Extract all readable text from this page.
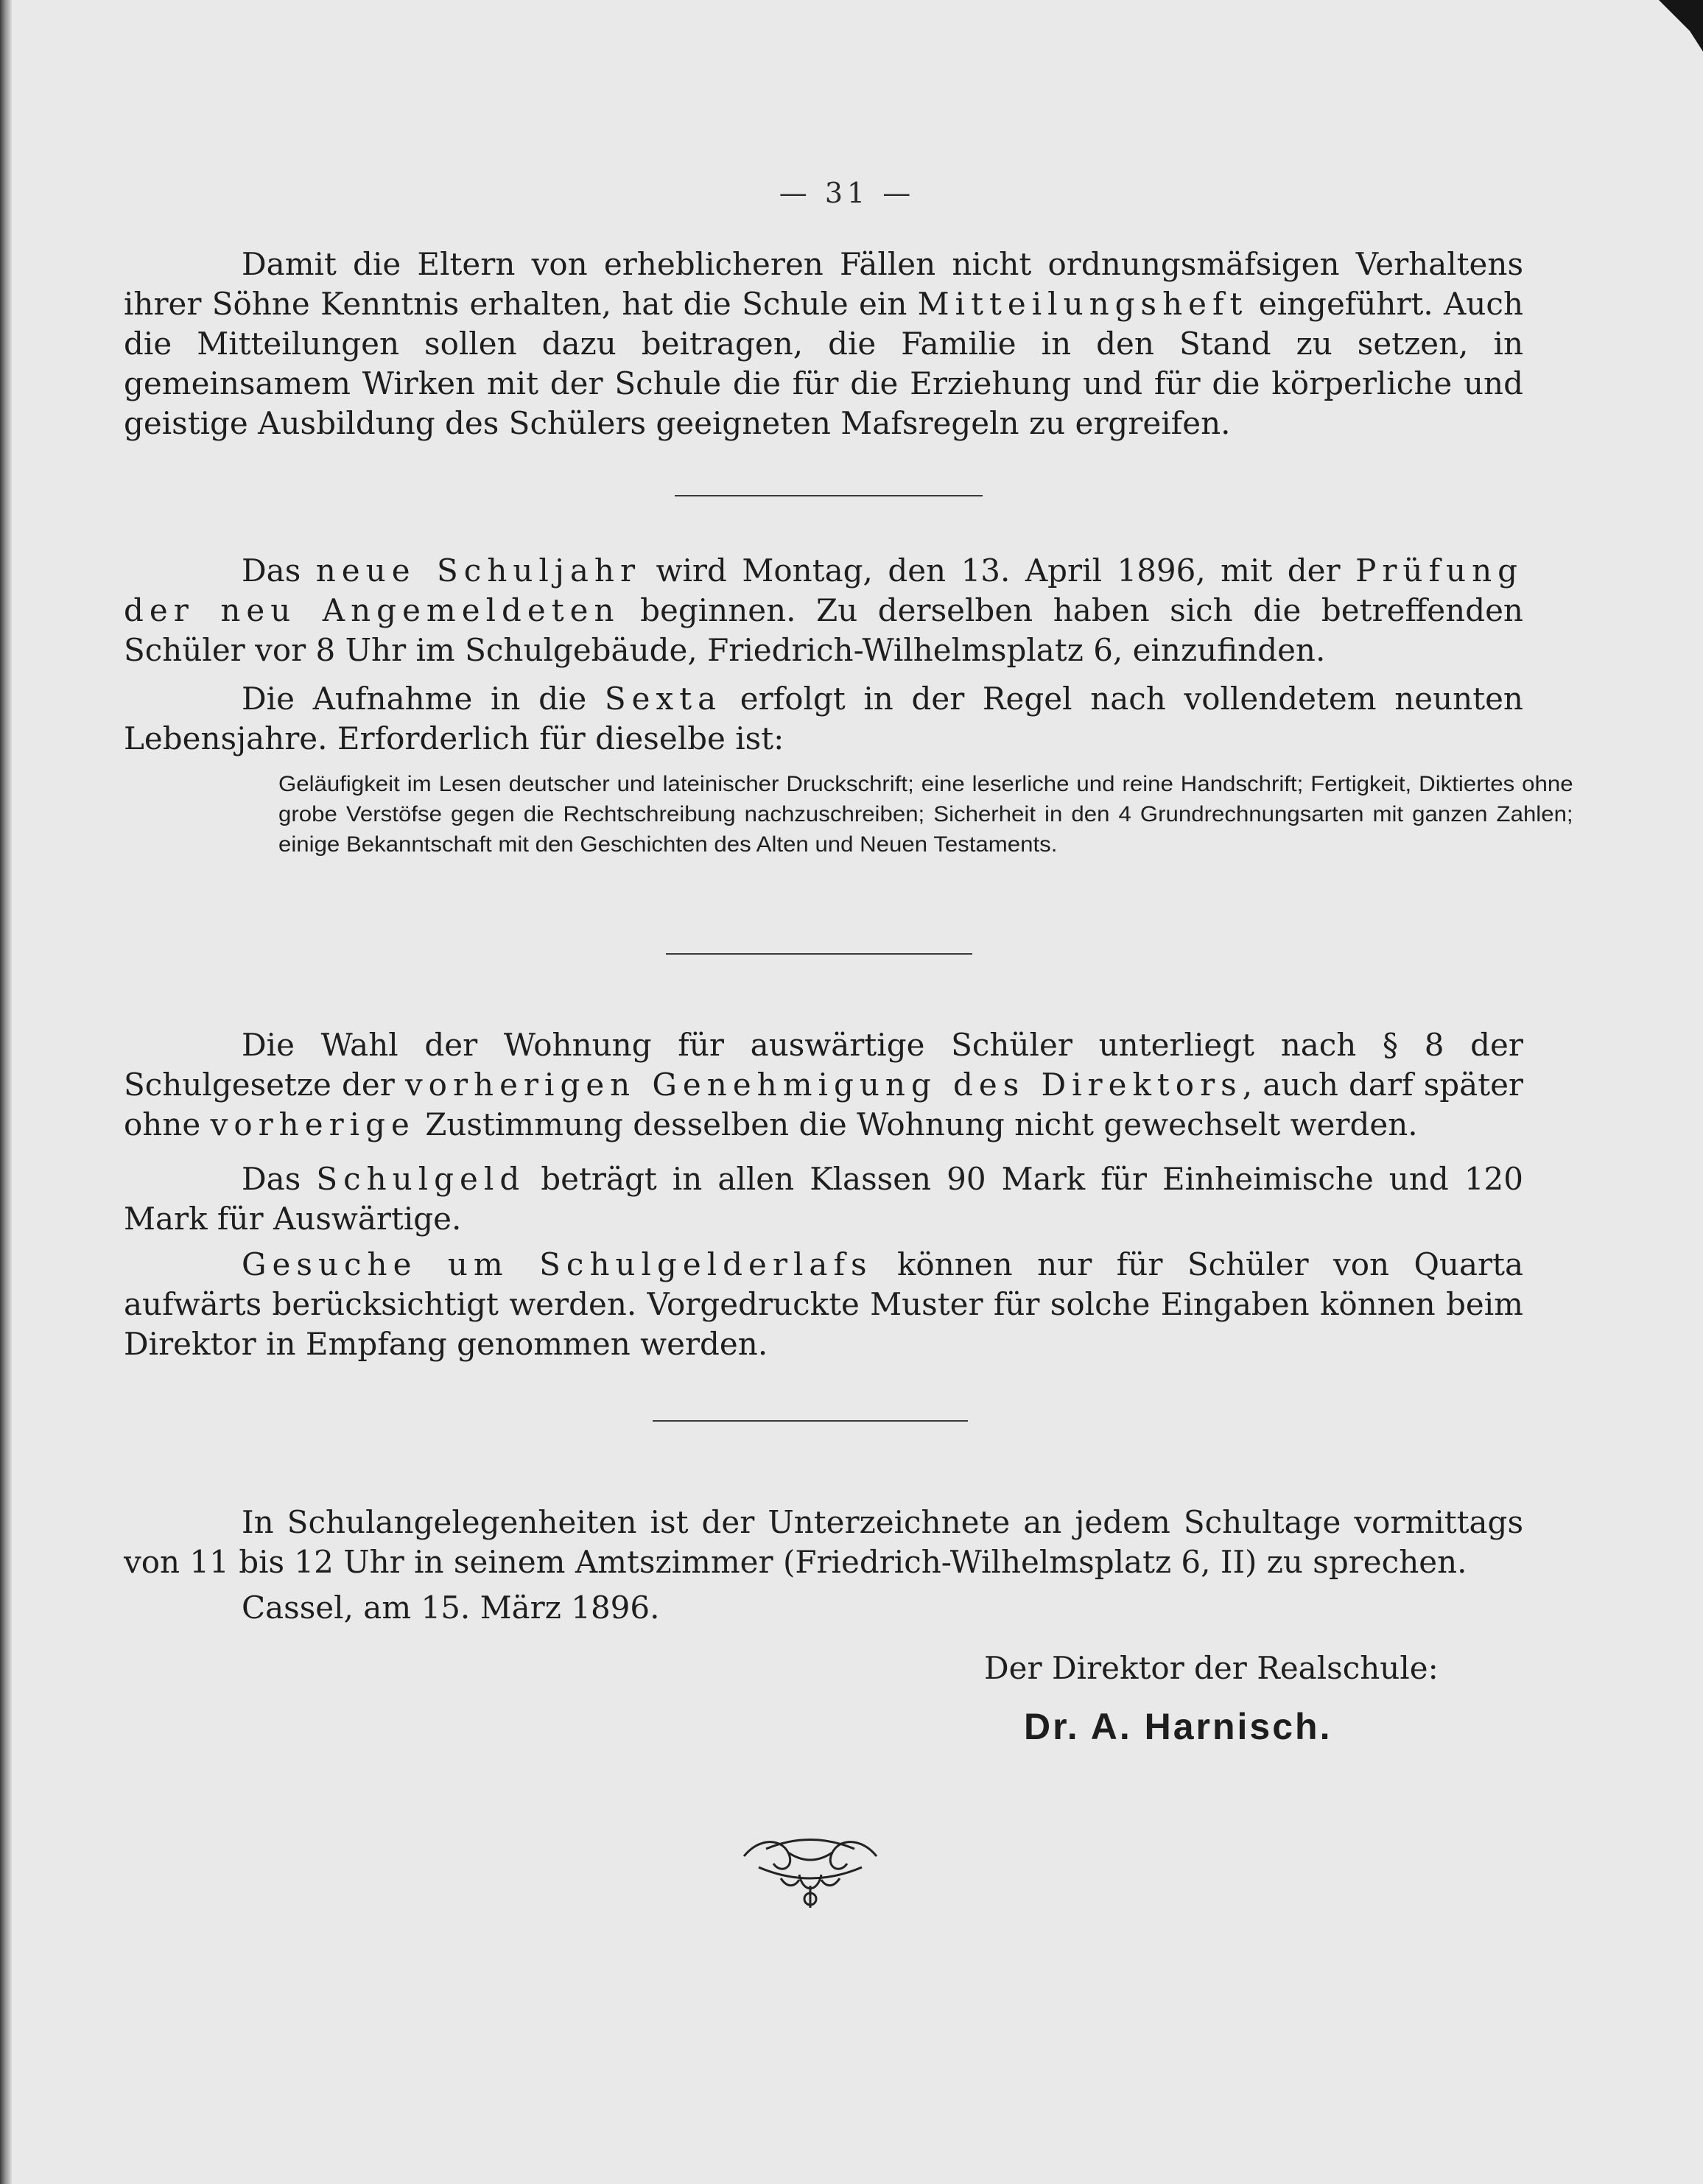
— 31 —

Damit die Eltern von erheblicheren Fällen nicht ordnungsmäfsigen Verhaltens ihrer Söhne Kenntnis erhalten, hat die Schule ein Mitteilungsheft eingeführt. Auch die Mitteilungen sollen dazu beitragen, die Familie in den Stand zu setzen, in gemeinsamem Wirken mit der Schule die für die Erziehung und für die körperliche und geistige Ausbildung des Schülers geeigneten Mafsregeln zu ergreifen.

Das neue Schuljahr wird Montag, den 13. April 1896, mit der Prüfung der neu Angemeldeten beginnen. Zu derselben haben sich die betreffenden Schüler vor 8 Uhr im Schulgebäude, Friedrich-Wilhelmsplatz 6, einzufinden.

Die Aufnahme in die Sexta erfolgt in der Regel nach vollendetem neunten Lebensjahre. Erforderlich für dieselbe ist:

Geläufigkeit im Lesen deutscher und lateinischer Druckschrift; eine leserliche und reine Handschrift; Fertigkeit, Diktiertes ohne grobe Verstöfse gegen die Rechtschreibung nachzuschreiben; Sicherheit in den 4 Grundrechnungsarten mit ganzen Zahlen; einige Bekanntschaft mit den Geschichten des Alten und Neuen Testaments.

Die Wahl der Wohnung für auswärtige Schüler unterliegt nach § 8 der Schulgesetze der vorherigen Genehmigung des Direktors, auch darf später ohne vorherige Zustimmung desselben die Wohnung nicht gewechselt werden.

Das Schulgeld beträgt in allen Klassen 90 Mark für Einheimische und 120 Mark für Auswärtige.

Gesuche um Schulgelderlafs können nur für Schüler von Quarta aufwärts berücksichtigt werden. Vorgedruckte Muster für solche Eingaben können beim Direktor in Empfang genommen werden.

In Schulangelegenheiten ist der Unterzeichnete an jedem Schultage vormittags von 11 bis 12 Uhr in seinem Amtszimmer (Friedrich-Wilhelmsplatz 6, II) zu sprechen.

Cassel, am 15. März 1896.

Der Direktor der Realschule:
Dr. A. Harnisch.
